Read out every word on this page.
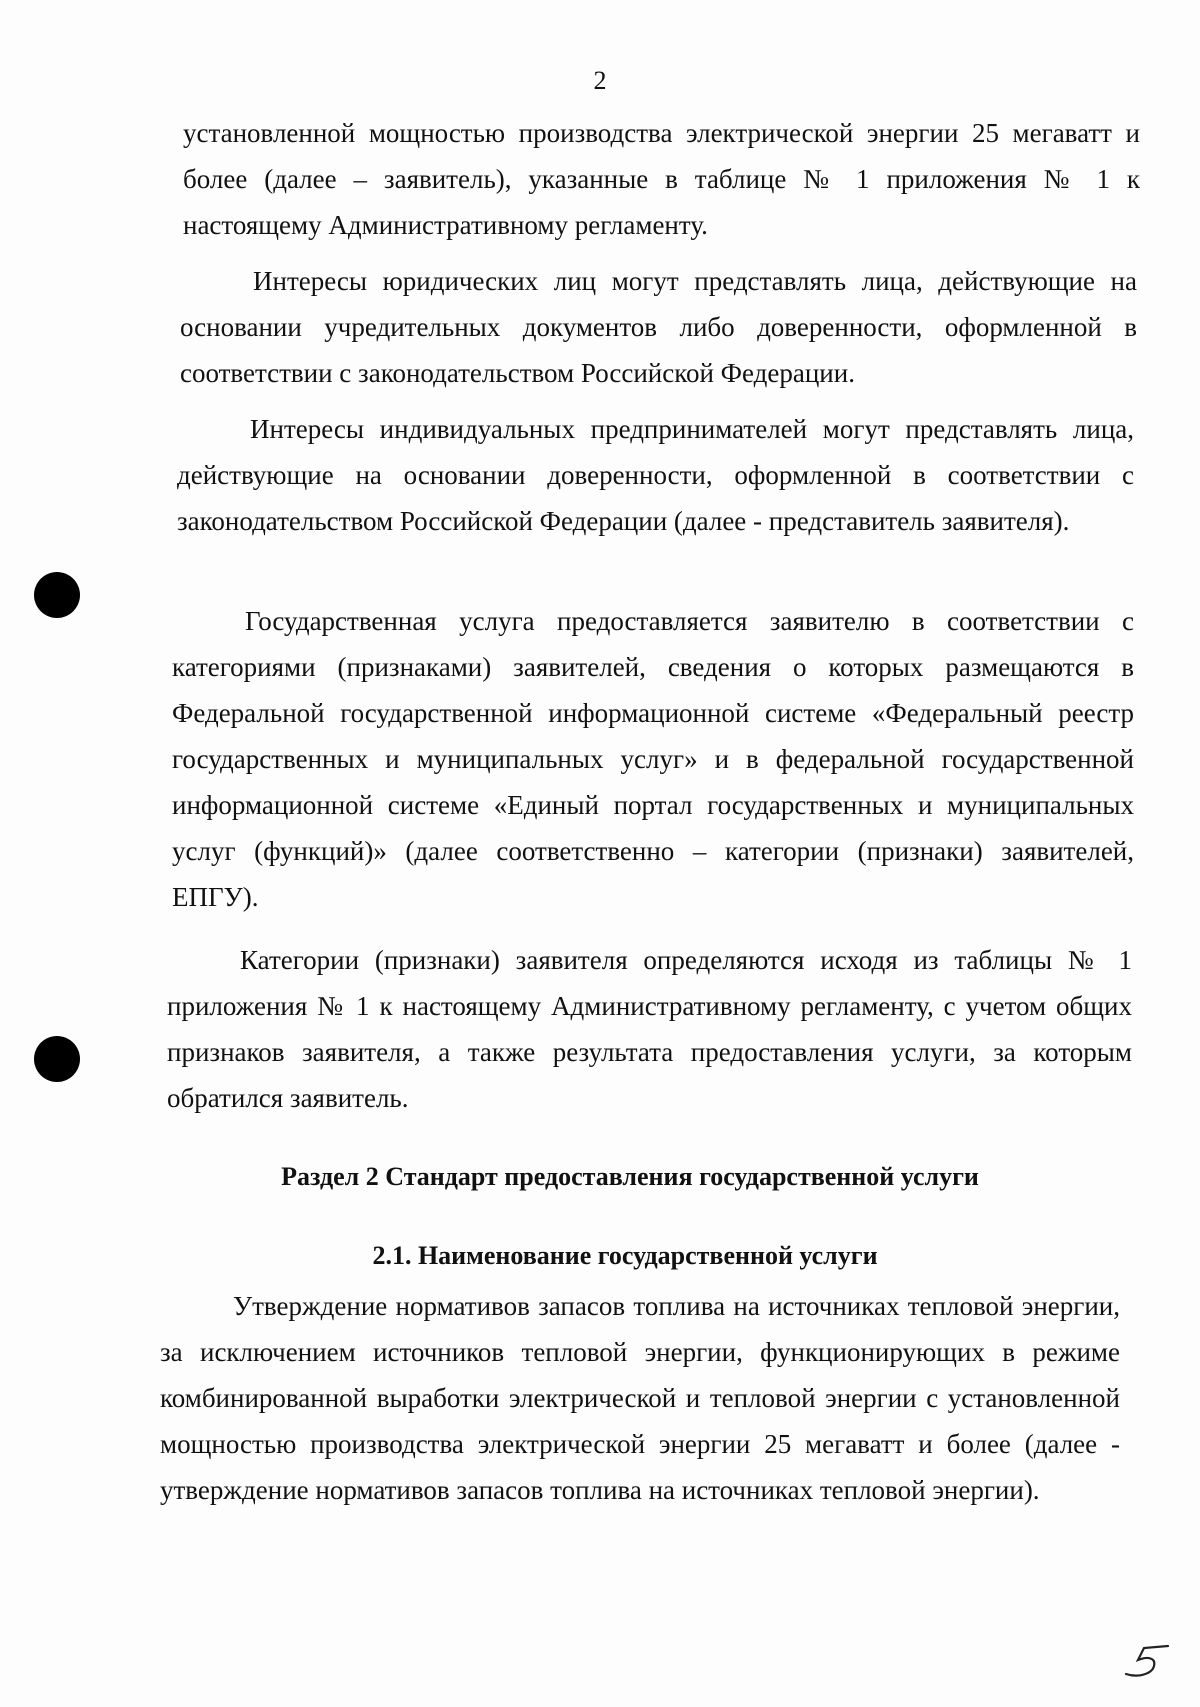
2

установленной мощностью производства электрической энергии 25 мегаватт и более (далее – заявитель), указанные в таблице № 1 приложения № 1 к настоящему Административному регламенту.

Интересы юридических лиц могут представлять лица, действующие на основании учредительных документов либо доверенности, оформленной в соответствии с законодательством Российской Федерации.

Интересы индивидуальных предпринимателей могут представлять лица, действующие на основании доверенности, оформленной в соответствии с законодательством Российской Федерации (далее - представитель заявителя).

Государственная услуга предоставляется заявителю в соответствии с категориями (признаками) заявителей, сведения о которых размещаются в Федеральной государственной информационной системе «Федеральный реестр государственных и муниципальных услуг» и в федеральной государственной информационной системе «Единый портал государственных и муниципальных услуг (функций)» (далее соответственно – категории (признаки) заявителей, ЕПГУ).

Категории (признаки) заявителя определяются исходя из таблицы № 1 приложения № 1 к настоящему Административному регламенту, с учетом общих признаков заявителя, а также результата предоставления услуги, за которым обратился заявитель.

Раздел 2 Стандарт предоставления государственной услуги
2.1. Наименование государственной услуги

Утверждение нормативов запасов топлива на источниках тепловой энергии, за исключением источников тепловой энергии, функционирующих в режиме комбинированной выработки электрической и тепловой энергии с установленной мощностью производства электрической энергии 25 мегаватт и более (далее - утверждение нормативов запасов топлива на источниках тепловой энергии).
